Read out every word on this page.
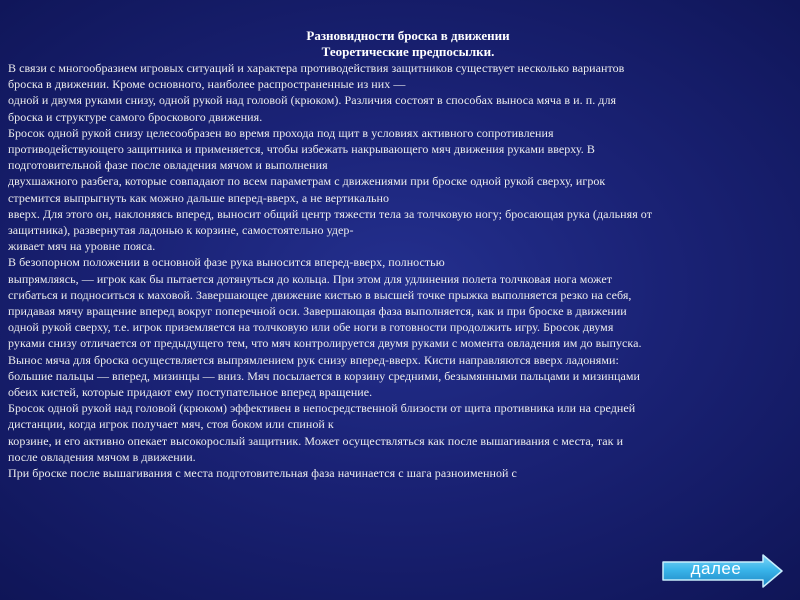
Разновидности броска в движении
Теоретические предпосылки.
В связи с многообразием игровых ситуаций и характера противодействия защитников существует несколько вариантов
броска в движении. Кроме основного, наиболее распространенные из них —
одной и двумя руками снизу, одной рукой над головой (крюком). Различия состоят в способах выноса мяча в и. п. для
броска и структуре самого броскового движения.
Бросок одной рукой снизу целесообразен во время прохода под щит в условиях активного сопротивления
противодействующего защитника и применяется, чтобы избежать накрывающего мяч движения руками вверху. В
подготовительной фазе после овладения мячом и выполнения
двухшажного разбега, которые совпадают по всем параметрам с движениями при броске одной рукой сверху, игрок
стремится выпрыгнуть как можно дальше вперед-вверх, а не вертикально
вверх. Для этого он, наклоняясь вперед, выносит общий центр тяжести тела за толчковую ногу; бросающая рука (дальняя от
защитника), развернутая ладонью к корзине, самостоятельно удер-
живает мяч на уровне пояса.
В безопорном положении в основной фазе рука выносится вперед-вверх, полностью
выпрямляясь, — игрок как бы пытается дотянуться до кольца. При этом для удлинения полета толчковая нога может
сгибаться и подноситься к маховой. Завершающее движение кистью в высшей точке прыжка выполняется резко на себя,
придавая мячу вращение вперед вокруг поперечной оси. Завершающая фаза выполняется, как и при броске в движении
одной рукой сверху, т.е. игрок приземляется на толчковую или обе ноги в готовности продолжить игру. Бросок двумя
руками снизу отличается от предыдущего тем, что мяч контролируется двумя руками с момента овладения им до выпуска.
Вынос мяча для броска осуществляется выпрямлением рук снизу вперед-вверх. Кисти направляются вверх ладонями:
большие пальцы — вперед, мизинцы — вниз. Мяч посылается в корзину средними, безымянными пальцами и мизинцами
обеих кистей, которые придают ему поступательное вперед вращение.
Бросок одной рукой над головой (крюком) эффективен в непосредственной близости от щита противника или на средней
дистанции, когда игрок получает мяч, стоя боком или спиной к
корзине, и его активно опекает высокорослый защитник. Может осуществляться как после вышагивания с места, так и
после овладения мячом в движении.
При броске после вышагивания с места подготовительная фаза начинается с шага разноименной с
далее
